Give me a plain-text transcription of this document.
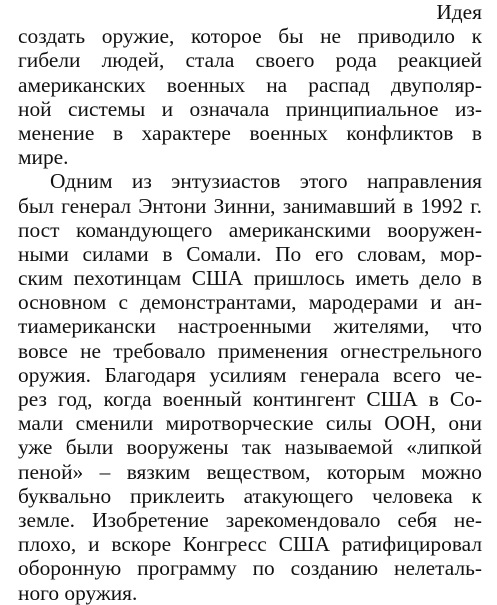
Идея
создать оружие, которое бы не приводило к
гибели людей, стала своего рода реакцией
американских военных на распад двуполяр-
ной системы и означала принципиальное из-
менение в характере военных конфликтов в
мире.
Одним из энтузиастов этого направления
был генерал Энтони Зинни, занимавший в 1992 г.
пост командующего американскими вооружен-
ными силами в Сомали. По его словам, мор-
ским пехотинцам США пришлось иметь дело в
основном с демонстрантами, мародерами и ан-
тиамерикански настроенными жителями, что
вовсе не требовало применения огнестрельного
оружия. Благодаря усилиям генерала всего че-
рез год, когда военный контингент США в Со-
мали сменили миротворческие силы ООН, они
уже были вооружены так называемой «липкой
пеной» – вязким веществом, которым можно
буквально приклеить атакующего человека к
земле. Изобретение зарекомендовало себя не-
плохо, и вскоре Конгресс США ратифицировал
оборонную программу по созданию нелеталь-
ного оружия.
